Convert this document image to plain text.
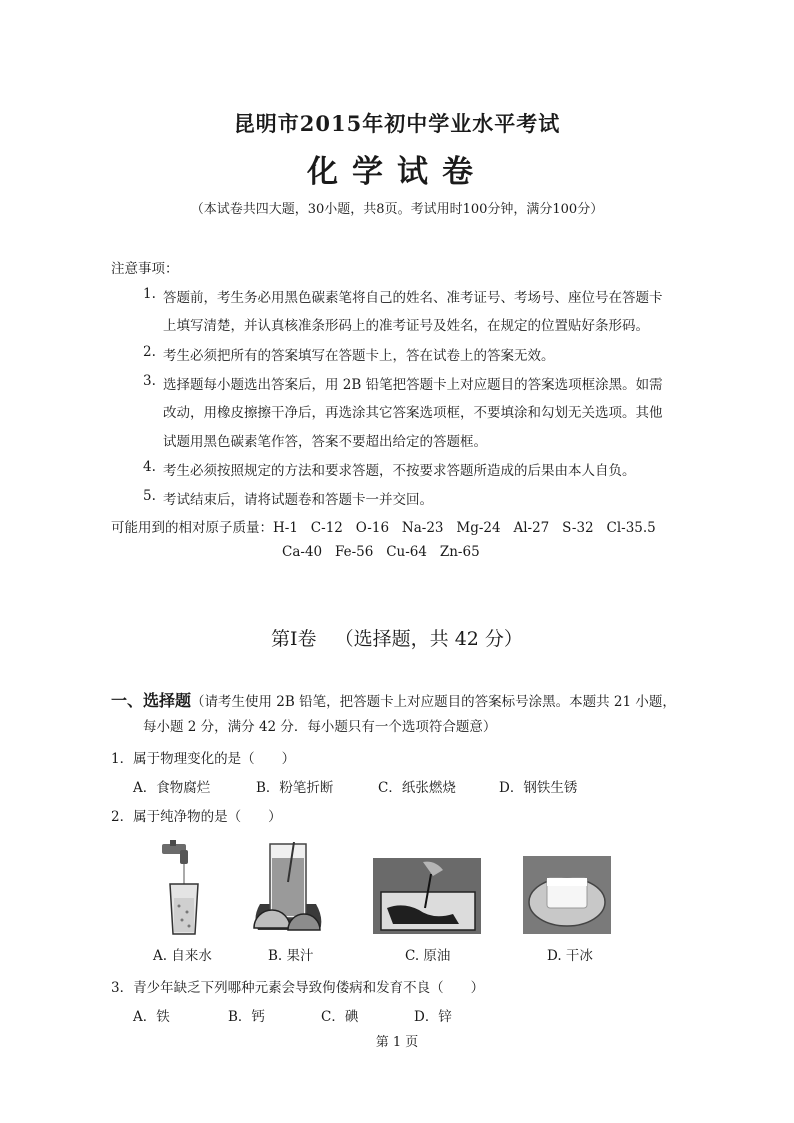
昆明市2015年初中学业水平考试
化学试卷
（本试卷共四大题，30小题，共8页。考试用时100分钟，满分100分）
注意事项：
1. 答题前，考生务必用黑色碳素笔将自己的姓名、准考证号、考场号、座位号在答题卡
上填写清楚，并认真核准条形码上的准考证号及姓名，在规定的位置贴好条形码。
2. 考生必须把所有的答案填写在答题卡上，答在试卷上的答案无效。
3. 选择题每小题选出答案后，用 2B 铅笔把答题卡上对应题目的答案选项框涂黑。如需
改动，用橡皮擦擦干净后，再选涂其它答案选项框，不要填涂和勾划无关选项。其他
试题用黑色碳素笔作答，答案不要超出给定的答题框。
4. 考生必须按照规定的方法和要求答题，不按要求答题所造成的后果由本人自负。
5. 考试结束后，请将试题卷和答题卡一并交回。
可能用到的相对原子质量：H-1   C-12   O-16   Na-23   Mg-24   Al-27   S-32   Cl-35.5
Ca-40   Fe-56   Cu-64   Zn-65
第Ⅰ卷   （选择题，共 42 分）
一、选择题（请考生使用 2B 铅笔，把答题卡上对应题目的答案标号涂黑。本题共 21 小题，
每小题 2 分，满分 42 分．每小题只有一个选项符合题意）
1．属于物理变化的是（　　）
A．食物腐烂	B．粉笔折断	C．纸张燃烧	D．钢铁生锈
2．属于纯净物的是（　　）
A. 自来水	B. 果汁	C. 原油	D. 干冰
3．青少年缺乏下列哪种元素会导致佝偻病和发育不良（　　）
A．铁	B．钙	C．碘	D．锌
第 1 页
